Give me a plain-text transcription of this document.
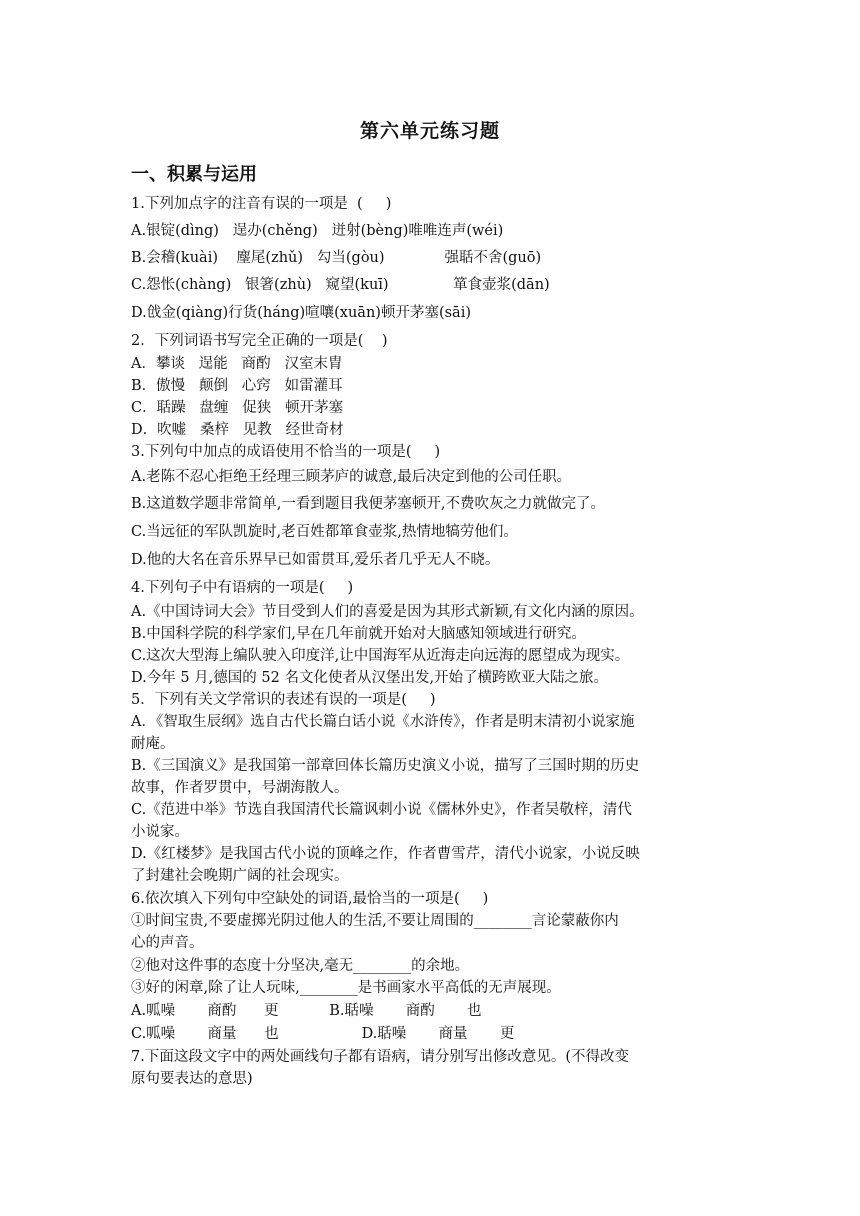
第六单元练习题
一、积累与运用
1.下列加点字的注音有误的一项是  (     )
A.银锭(dìng)   逞办(chěng)   迸射(bèng)唯唯连声(wéi)
B.会稽(kuài)    麈尾(zhǔ)   勾当(gòu)             强聒不舍(guō)
C.怨怅(chàng)   银箸(zhù)   窥望(kuī)              箪食壶浆(dān)
D.戗金(qiàng)行货(háng)喧嚷(xuān)顿开茅塞(sāi)
2．下列词语书写完全正确的一项是(    )
A．攀谈   逞能   商酌   汉室末胄
B．傲慢   颠倒   心窍   如雷灌耳
C．聒躁   盘缠   促狭   顿开茅塞
D．吹嘘   桑梓   见教   经世奇材
3.下列句中加点的成语使用不恰当的一项是(     )
A.老陈不忍心拒绝王经理三顾茅庐的诚意,最后决定到他的公司任职。
B.这道数学题非常简单,一看到题目我便茅塞顿开,不费吹灰之力就做完了。
C.当远征的军队凯旋时,老百姓都箪食壶浆,热情地犒劳他们。
D.他的大名在音乐界早已如雷贯耳,爱乐者几乎无人不晓。
4.下列句子中有语病的一项是(     )
A.《中国诗词大会》节目受到人们的喜爱是因为其形式新颖,有文化内涵的原因。
B.中国科学院的科学家们,早在几年前就开始对大脑感知领域进行研究。
C.这次大型海上编队驶入印度洋,让中国海军从近海走向远海的愿望成为现实。
D.今年 5 月,德国的 52 名文化使者从汉堡出发,开始了横跨欧亚大陆之旅。
5．下列有关文学常识的表述有误的一项是(     )
A．《智取生辰纲》选自古代长篇白话小说《水浒传》，作者是明末清初小说家施
耐庵。
B.《三国演义》是我国第一部章回体长篇历史演义小说，描写了三国时期的历史
故事，作者罗贯中，号湖海散人。
C.《范进中举》节选自我国清代长篇讽刺小说《儒林外史》，作者吴敬梓，清代
小说家。
D.《红楼梦》是我国古代小说的顶峰之作，作者曹雪芹，清代小说家，小说反映
了封建社会晚期广阔的社会现实。
6.依次填入下列句中空缺处的词语,最恰当的一项是(     )
①时间宝贵,不要虚掷光阴过他人的生活,不要让周围的________言论蒙蔽你内
心的声音。
②他对这件事的态度十分坚决,毫无________的余地。
③好的闲章,除了让人玩味,________是书画家水平高低的无声展现。
A.呱噪       商酌      更           B.聒噪       商酌       也
C.呱噪       商量      也                  D.聒噪       商量       更
7.下面这段文字中的两处画线句子都有语病，请分别写出修改意见。(不得改变
原句要表达的意思)
